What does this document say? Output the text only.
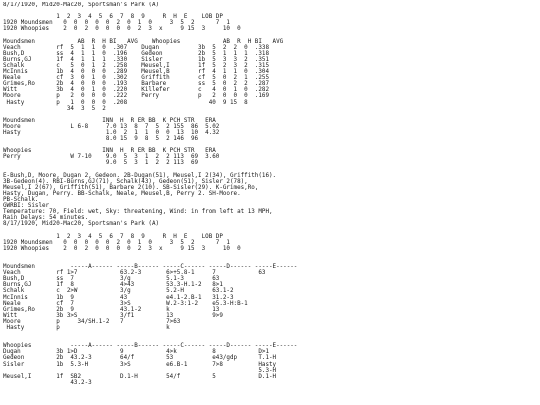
8/17/1920, Mid20-Mac20, Sportsman's Park (A)
1  2  3  4  5  6  7  8  9     R  H  E    LOB DP
1920 Moundsmen   0  0  0  0  0  2  0  1  0     3  5  2      7  1
1920 Whoopies    2  0  2  0  0  0  0  2  3  x     9 15  3     10  0
Moundsmen            AB  R  H BI   AVG    Whoopies            AB  R  H BI   AVG
Veach          rf  5  1  1  0  .307    Dugan           3b  5  2  2  0  .338
Bush,D         ss  4  1  1  0  .196    Gedeon          2b  5  1  1  1  .318
Burns,GJ       1f  4  1  1  1  .330    Sisler          1b  5  3  3  2  .351
Schalk         c   5  0  1  2  .258    Meusel,I        1f  5  2  3  2  .315
McInnis        1b  4  0  0  0  .289    Meusel,B        rf  4  1  1  0  .304
Neale          cf  3  0  1  0  .302    Griffith        cf  5  0  2  1  .255
Grimes,Ro      2b  4  0  0  0  .193    Barbare         ss  5  0  2  2  .287
Witt           3b  4  0  1  0  .220    Killefer        c   4  0  1  0  .282
Moore          p   2  0  0  0  .222    Perry           p   2  0  0  0  .169
Hasty         p   1  0  0  0  .208                       40  9 15  8
34  3  5  2
Moundsmen                   INN  H  R ER BB  K PCH STR   ERA
Moore              L 6-8     7.0 13  8  7  5  2 155  86  5.02
Hasty                        1.0  2  1  1  0  0  13  10  4.32
8.0 15  9  8  5  2 146  96
Whoopies                    INN  H  R ER BB  K PCH STR   ERA
Perry              W 7-10    9.0  5  3  1  2  2 113  69  3.60
9.0  5  3  1  2  2 113  69
E-Bush,D, Moore, Dugan 2, Gedeon. 2B-Dugan(51), Meusel,I 2(34), Griffith(16).
3B-Gedeon(4). RBI-Burns,GJ(71), Schalk(43), Gedeon(51), Sisler 2(78),
Meusel,I 2(67), Griffith(51), Barbare 2(10). SB-Sisler(29). K-Grimes,Ro,
Hasty, Dugan, Perry. BB-Schalk, Neale, Meusel,B, Perry 2. SH-Moore.
PB-Schalk.
GWRBI: Sisler
Temperature: 70, Field: wet, Sky: threatening, Wind: in from left at 13 MPH,
Rain Delays: 54 minutes.
8/17/1920, Mid20-Mac20, Sportsman's Park (A)
1  2  3  4  5  6  7  8  9     R  H  E    LOB DP
1920 Moundsmen   0  0  0  0  0  2  0  1  0     3  5  2      7  1
1920 Whoopies    2  0  2  0  0  0  0  2  3  x     9 15  3     10  0
Moundsmen          -----A------ -----B------ -----C------ -----D------ -----E------
Veach          rf 1>7            63.2-3       6>+5.8-1     7            63
Bush,D         ss  7             3/g          5.1-3        63
Burns,GJ       1f  8             4>43         53.3-H.1-2   8>1
Schalk         c  2>W            3/g          5.2-H        63.1-2
McInnis        1b  9             43           e4.1-2.B-1   31.2-3
Neale          cf  7             3>S          W.2-3:1-2    e5.3-H:B-1
Grimes,Ro      2b  9             43.1-2       k            13
Witt           3b 3>S            3/f1         13           9>9
Moore          p     34/SH.1-2   7            7>63
Hasty         p                              k
Whoopies           -----A------ -----B------ -----C------ -----D------ -----E------
Dugan          3b 1>D            9            4>k          8            D>1
Gedeon         2b  43.2-3        64/f         53           e43/gdp      T.1-H
Sisler         1b  5.3-H         3>S          e6.B-1       7>8          Hasty
5.3-H
Meusel,I       1f  SB2           D.1-H        54/f         5            D.1-H
43.2-3
